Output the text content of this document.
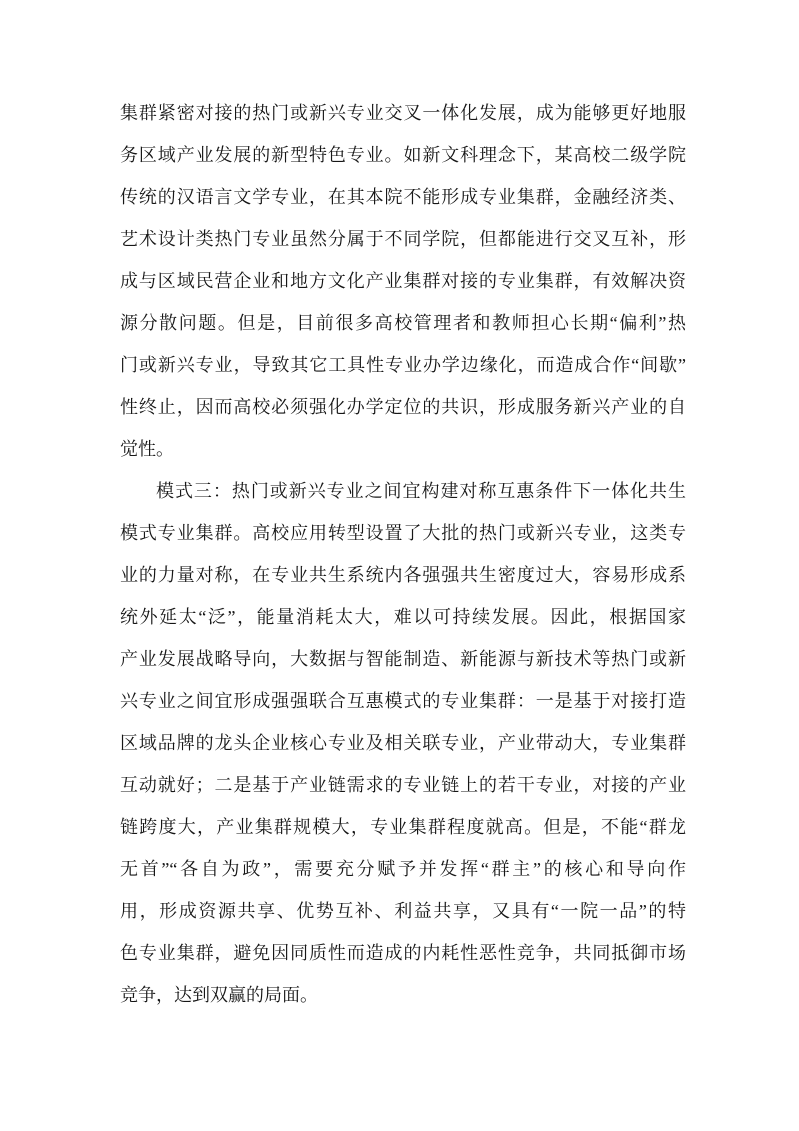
集群紧密对接的热门或新兴专业交叉一体化发展，成为能够更好地服
务区域产业发展的新型特色专业。如新文科理念下，某高校二级学院
传统的汉语言文学专业，在其本院不能形成专业集群，金融经济类、
艺术设计类热门专业虽然分属于不同学院，但都能进行交叉互补，形
成与区域民营企业和地方文化产业集群对接的专业集群，有效解决资
源分散问题。但是，目前很多高校管理者和教师担心长期“偏利”热
门或新兴专业，导致其它工具性专业办学边缘化，而造成合作“间歇”
性终止，因而高校必须强化办学定位的共识，形成服务新兴产业的自
觉性。
模式三：热门或新兴专业之间宜构建对称互惠条件下一体化共生
模式专业集群。高校应用转型设置了大批的热门或新兴专业，这类专
业的力量对称，在专业共生系统内各强强共生密度过大，容易形成系
统外延太“泛”，能量消耗太大，难以可持续发展。因此，根据国家
产业发展战略导向，大数据与智能制造、新能源与新技术等热门或新
兴专业之间宜形成强强联合互惠模式的专业集群：一是基于对接打造
区域品牌的龙头企业核心专业及相关联专业，产业带动大，专业集群
互动就好；二是基于产业链需求的专业链上的若干专业，对接的产业
链跨度大，产业集群规模大，专业集群程度就高。但是，不能“群龙
无首”“各自为政”，需要充分赋予并发挥“群主”的核心和导向作
用，形成资源共享、优势互补、利益共享，又具有“一院一品”的特
色专业集群，避免因同质性而造成的内耗性恶性竞争，共同抵御市场
竞争，达到双赢的局面。
